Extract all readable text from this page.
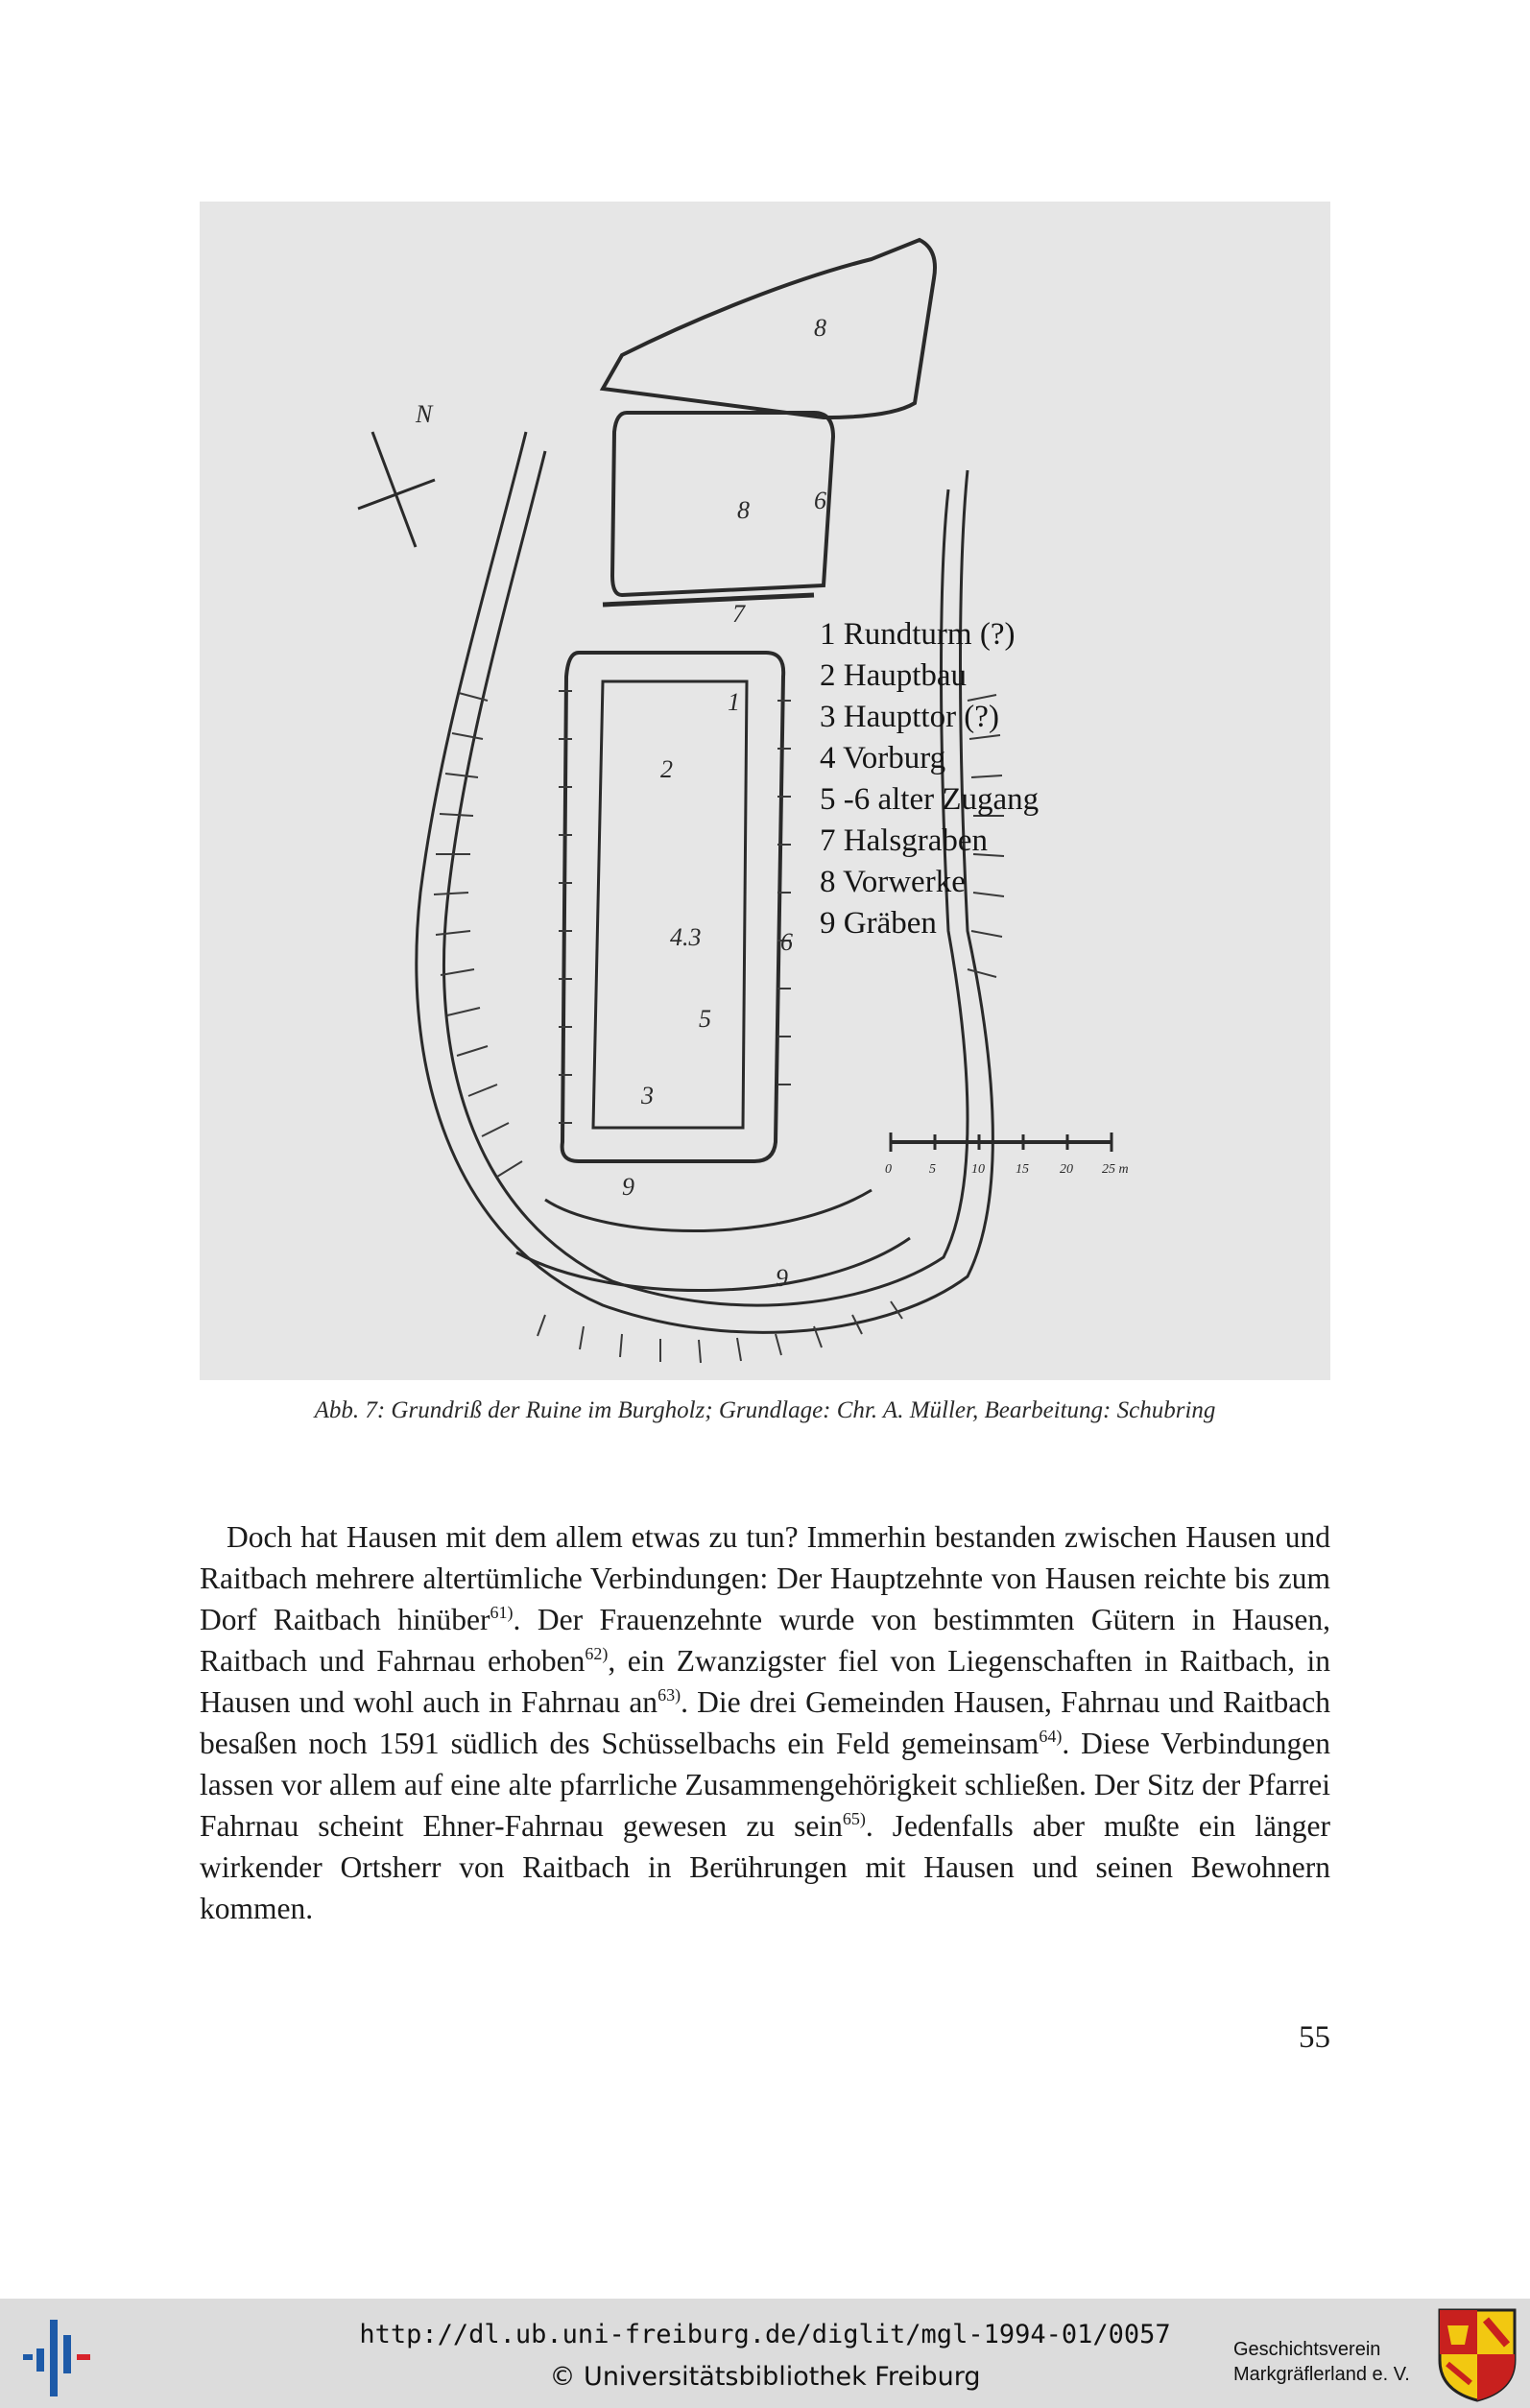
8
8	6
7
1
2
4.3	6
5
3
9
9
N
0	5	10 15 20 25 m
1 Rundturm (?)
2 Hauptbau
3 Haupttor (?)
4 Vorburg
5 -6 alter Zugang
7 Halsgraben
8 Vorwerke
9 Gräben
Abb. 7: Grundriß der Ruine im Burgholz; Grundlage: Chr. A. Müller, Bearbeitung: Schubring

Doch hat Hausen mit dem allem etwas zu tun? Immerhin bestanden zwischen Hausen und Raitbach mehrere altertümliche Verbindungen: Der Hauptzehnte von Hausen reichte bis zum Dorf Raitbach hinüber$^{61)}$. Der Frauenzehnte wurde von bestimmten Gütern in Hausen, Raitbach und Fahrnau erhoben$^{62)}$, ein Zwanzigster fiel von Liegenschaften in Raitbach, in Hausen und wohl auch in Fahrnau $an^{63)}$. Die drei Gemeinden Hausen, Fahrnau und Raitbach besaßen noch 1591 südlich des Schüsselbachs ein Feld gemeinsam$^{64)}$. Diese Verbindungen lassen vor allem auf eine alte pfarrliche Zusammengehörigkeit schließen. Der Sitz der Pfarrei Fahrnau scheint Ehner-Fahrnau gewesen zu sein$^{65)}$. Jedenfalls aber mußte ein länger wirkender Ortsherr von Raitbach in Berührungen mit Hausen und seinen Bewohnern kommen.

55
http://dl.ub.uni-freiburg.de/diglit/mgl-1994-01/0057
© Universitätsbibliothek Freiburg
Geschichtsverein
Markgräflerland e. V.
